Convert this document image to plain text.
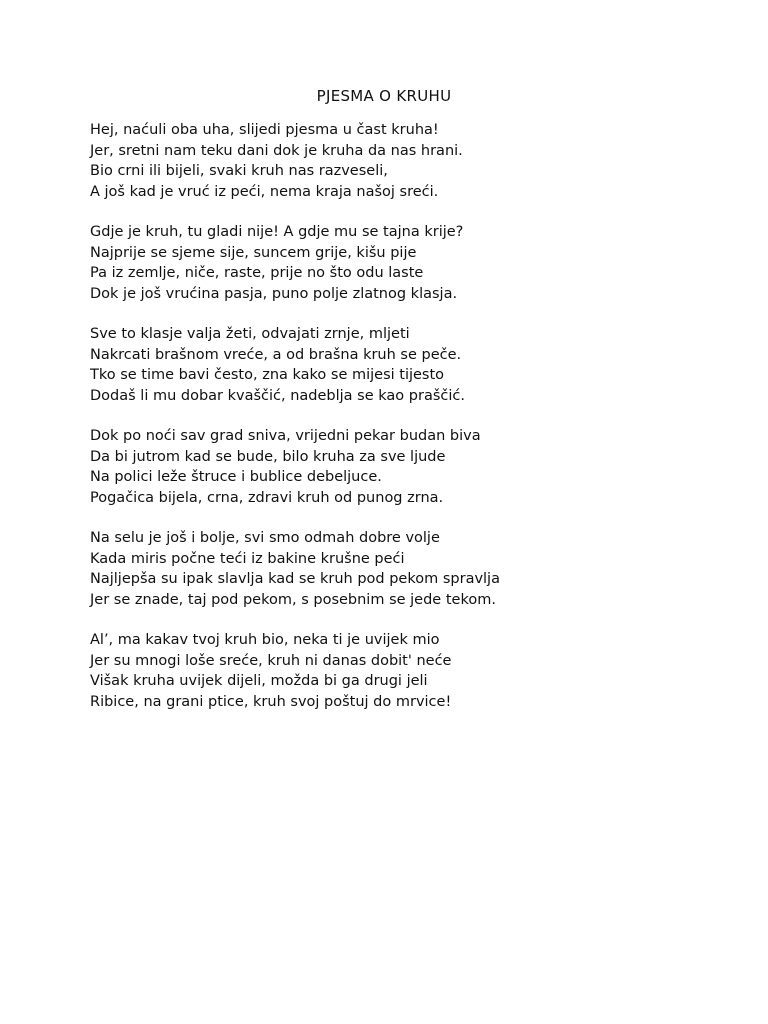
PJESMA O KRUHU
Hej, naćuli oba uha, slijedi pjesma u čast kruha!
Jer, sretni nam teku dani dok je kruha da nas hrani.
Bio crni ili bijeli, svaki kruh nas razveseli,
A još kad je vruć iz peći, nema kraja našoj sreći.
Gdje je kruh, tu gladi nije! A gdje mu se tajna krije?
Najprije se sjeme sije, suncem grije, kišu pije
Pa iz zemlje, niče, raste, prije no što odu laste
Dok je još vrućina pasja, puno polje zlatnog klasja.
Sve to klasje valja žeti, odvajati zrnje, mljeti
Nakrcati brašnom vreće, a od brašna kruh se peče.
Tko se time bavi često, zna kako se mijesi tijesto
Dodaš li mu dobar kvaščić, nadeblja se kao praščić.
Dok po noći sav grad sniva, vrijedni pekar budan biva
Da bi jutrom kad se bude, bilo kruha za sve ljude
Na polici leže štruce i bublice debeljuce.
Pogačica bijela, crna, zdravi kruh od punog zrna.
Na selu je još i bolje, svi smo odmah dobre volje
Kada miris počne teći iz bakine krušne peći
Najljepša su ipak slavlja kad se kruh pod pekom spravlja
Jer se znade, taj pod pekom, s posebnim se jede tekom.
Al’, ma kakav tvoj kruh bio, neka ti je uvijek mio
Jer su mnogi loše sreće, kruh ni danas dobit' neće
Višak kruha uvijek dijeli, možda bi ga drugi jeli
Ribice, na grani ptice, kruh svoj poštuj do mrvice!
